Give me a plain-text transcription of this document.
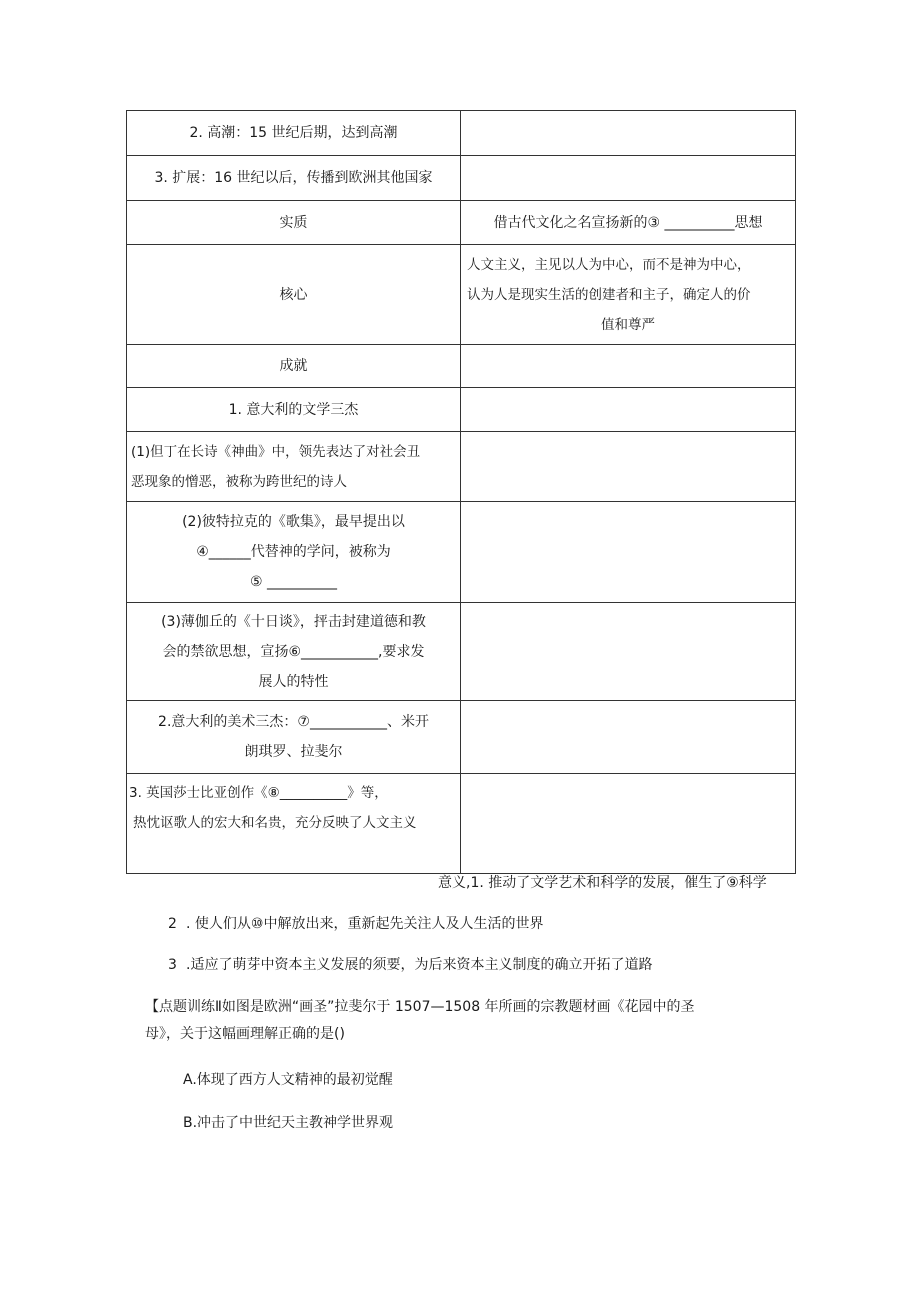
2. 高潮：15 世纪后期，达到高潮	
3. 扩展：16 世纪以后，传播到欧洲其他国家	
实质	借古代文化之名宣扬新的③ __________思想
核心	人文主义，主见以人为中心，而不是神为中心，
认为人是现实生活的创建者和主子，确定人的价
值和尊严

成就	
1. 意大利的文学三杰	

(1)但丁在长诗《神曲》中，领先表达了对社会丑
恶现象的憎恶，被称为跨世纪的诗人	

(2)彼特拉克的《歌集》，最早提出以
④______代替神的学问，被称为
⑤ __________	

(3)薄伽丘的《十日谈》，抨击封建道德和教
会的禁欲思想，宣扬⑥___________,要求发
展人的特性	

2.意大利的美术三杰：⑦___________、米开
朗琪罗、拉斐尔	

3. 英国莎士比亚创作《⑧__________》等，
热忱讴歌人的宏大和名贵，充分反映了人文主义	

意义,1. 推动了文学艺术和科学的发展，催生了⑨科学
2 . 使人们从⑩中解放出来，重新起先关注人及人生活的世界
3 .适应了萌芽中资本主义发展的须要，为后来资本主义制度的确立开拓了道路
【点题训练Ⅱ如图是欧洲“画圣”拉斐尔于 1507—1508 年所画的宗教题材画《花园中的圣
母》，关于这幅画理解正确的是()
A.体现了西方人文精神的最初觉醒
B.冲击了中世纪天主教神学世界观
